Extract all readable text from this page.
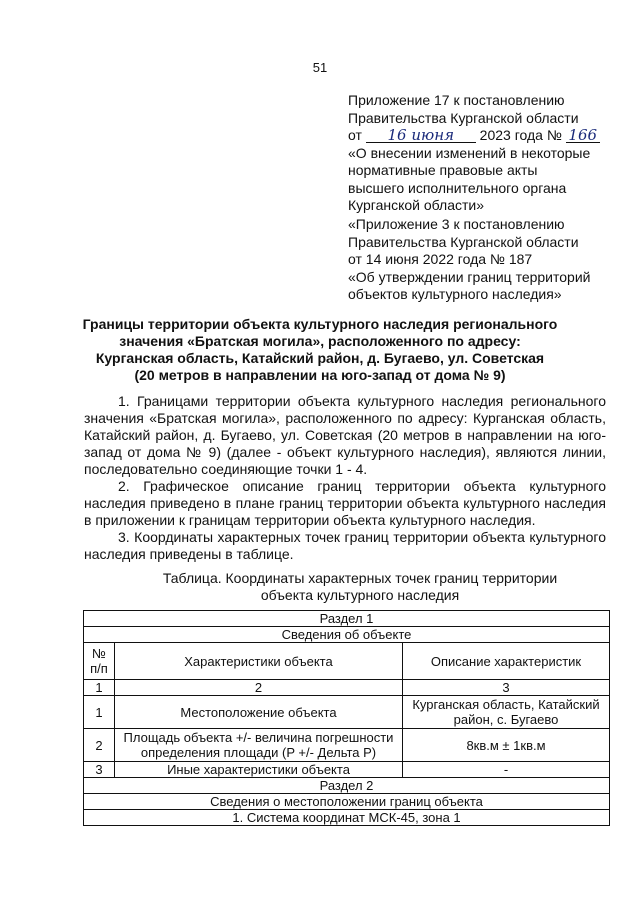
51
Приложение 17 к постановлению
Правительства Курганской области
от 16 июня 2023 года № 166
«О внесении изменений в некоторые
нормативные правовые акты
высшего исполнительного органа
Курганской области»
«Приложение 3 к постановлению
Правительства Курганской области
от 14 июня 2022 года № 187
«Об утверждении границ территорий
объектов культурного наследия»
Границы территории объекта культурного наследия регионального
значения «Братская могила», расположенного по адресу:
Курганская область, Катайский район, д. Бугаево, ул. Советская
(20 метров в направлении на юго-запад от дома № 9)

1. Границами территории объекта культурного наследия регионального значения «Братская могила», расположенного по адресу: Курганская область, Катайский район, д. Бугаево, ул. Советская (20 метров в направлении на юго-запад от дома № 9) (далее - объект культурного наследия), являются линии, последовательно соединяющие точки 1 - 4.

2. Графическое описание границ территории объекта культурного наследия приведено в плане границ территории объекта культурного наследия в приложении к границам территории объекта культурного наследия.

3. Координаты характерных точек границ территории объекта культурного наследия приведены в таблице.

Таблица. Координаты характерных точек границ территории
объекта культурного наследия
Раздел 1		
Сведения об объекте		
№ п/п	Характеристики объекта	Описание характеристик
1	2	3
1	Местоположение объекта	Курганская область, Катайский район, с. Бугаево
2	Площадь объекта +/- величина погрешности определения площади (P +/- Дельта P)	8кв.м ± 1кв.м
3	Иные характеристики объекта	-
Раздел 2		
Сведения о местоположении границ объекта		
1. Система координат МСК-45, зона 1		
